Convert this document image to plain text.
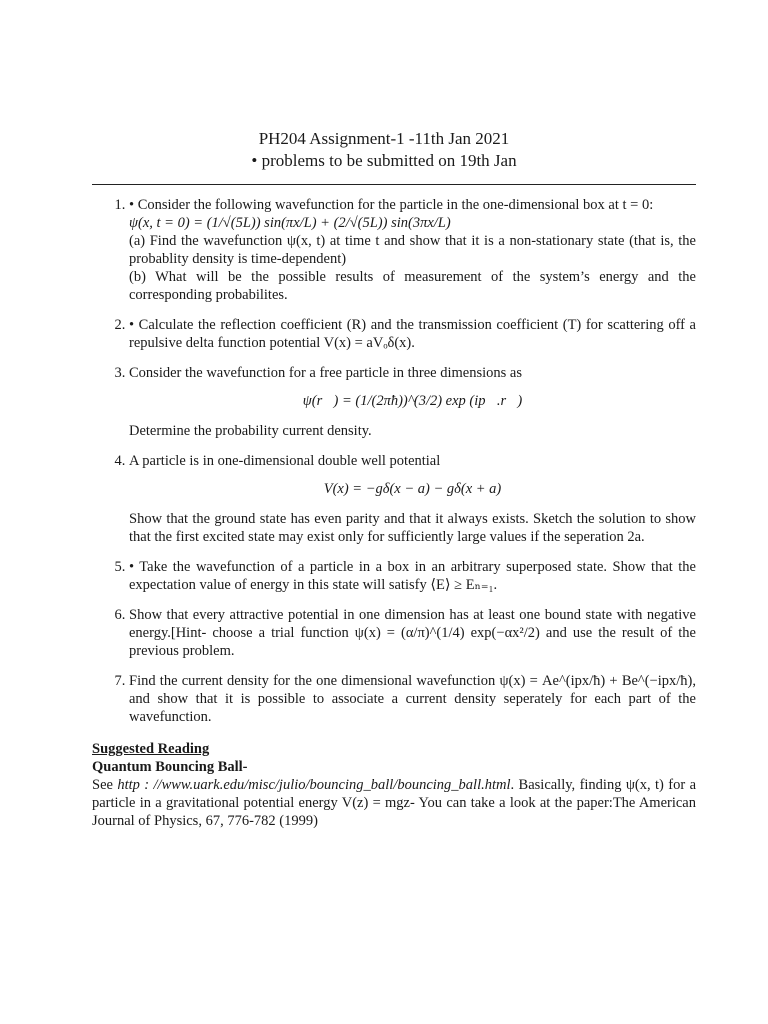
PH204 Assignment-1 -11th Jan 2021
• problems to be submitted on 19th Jan
1. • Consider the following wavefunction for the particle in the one-dimensional box at t = 0:
ψ(x, t = 0) = (1/√(5L)) sin(πx/L) + (2/√(5L)) sin(3πx/L)
(a) Find the wavefunction ψ(x, t) at time t and show that it is a non-stationary state (that is, the probablity density is time-dependent)
(b) What will be the possible results of measurement of the system’s energy and the corresponding probabilites.
2. • Calculate the reflection coefficient (R) and the transmission coefficient (T) for scattering off a repulsive delta function potential V(x) = aVₒδ(x).
3. Consider the wavefunction for a free particle in three dimensions as
ψ(r⃗) = (1/(2πħ))^(3/2) exp (ip⃗.r⃗)
Determine the probability current density.
4. A particle is in one-dimensional double well potential
V(x) = −gδ(x − a) − gδ(x + a)
Show that the ground state has even parity and that it always exists. Sketch the solution to show that the first excited state may exist only for sufficiently large values if the seperation 2a.
5. • Take the wavefunction of a particle in a box in an arbitrary superposed state. Show that the expectation value of energy in this state will satisfy ⟨E⟩ ≥ Eₙ₌₁.
6. Show that every attractive potential in one dimension has at least one bound state with negative energy.[Hint- choose a trial function ψ(x) = (α/π)^(1/4) exp(−αx²/2) and use the result of the previous problem.
7. Find the current density for the one dimensional wavefunction ψ(x) = Ae^(ipx/ħ) + Be^(−ipx/ħ), and show that it is possible to associate a current density seperately for each part of the wavefunction.
Suggested Reading
Quantum Bouncing Ball-
See http : //www.uark.edu/misc/julio/bouncing_ball/bouncing_ball.html. Basically, finding ψ(x, t) for a particle in a gravitational potential energy V(z) = mgz- You can take a look at the paper:The American Journal of Physics, 67, 776-782 (1999)
